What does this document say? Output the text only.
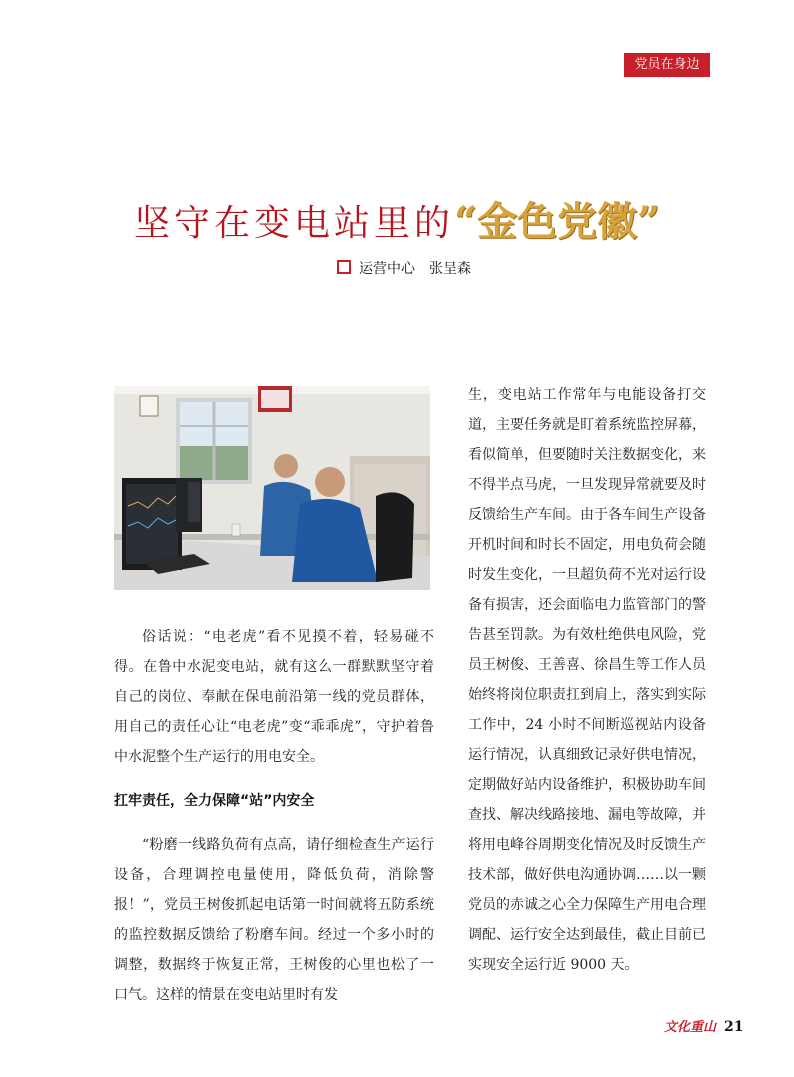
党员在身边
坚守在变电站里的“金色党徽”
运营中心 张呈森

俗话说：“电老虎”看不见摸不着，轻易碰不得。在鲁中水泥变电站，就有这么一群默默坚守着自己的岗位、奉献在保电前沿第一线的党员群体，用自己的责任心让“电老虎”变“乖乖虎”，守护着鲁中水泥整个生产运行的用电安全。

扛牢责任，全力保障“站”内安全

“粉磨一线路负荷有点高，请仔细检查生产运行设备，合理调控电量使用，降低负荷，消除警报！”，党员王树俊抓起电话第一时间就将五防系统的监控数据反馈给了粉磨车间。经过一个多小时的调整，数据终于恢复正常，王树俊的心里也松了一口气。这样的情景在变电站里时有发

生，变电站工作常年与电能设备打交道，主要任务就是盯着系统监控屏幕，看似简单，但要随时关注数据变化，来不得半点马虎，一旦发现异常就要及时反馈给生产车间。由于各车间生产设备开机时间和时长不固定，用电负荷会随时发生变化，一旦超负荷不光对运行设备有损害，还会面临电力监管部门的警告甚至罚款。为有效杜绝供电风险，党员王树俊、王善喜、徐昌生等工作人员始终将岗位职责扛到肩上，落实到实际工作中，24 小时不间断巡视站内设备运行情况，认真细致记录好供电情况，定期做好站内设备维护，积极协助车间查找、解决线路接地、漏电等故障，并将用电峰谷周期变化情况及时反馈生产技术部，做好供电沟通协调……以一颗党员的赤诚之心全力保障生产用电合理调配、运行安全达到最佳，截止目前已实现安全运行近 9000 天。

文化重山 21
